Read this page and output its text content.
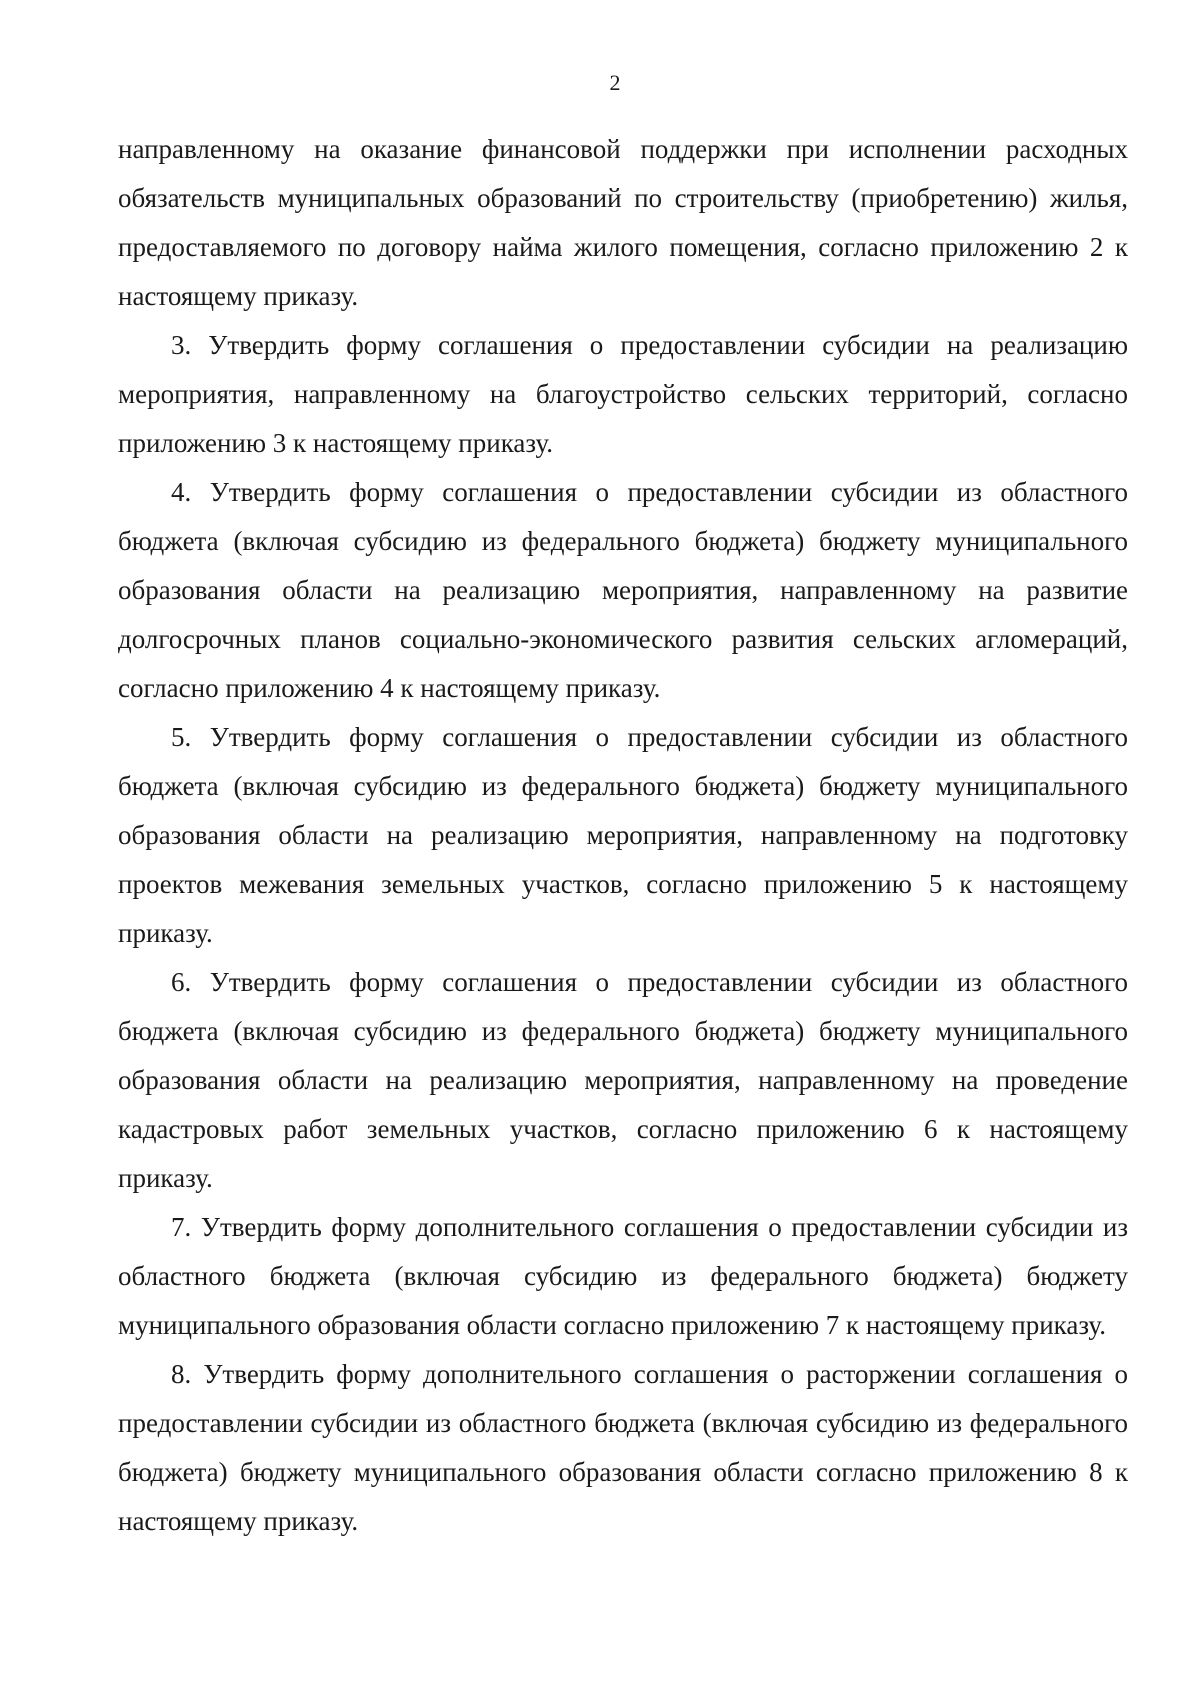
2

направленному на оказание финансовой поддержки при исполнении расходных обязательств муниципальных образований по строительству (приобретению) жилья, предоставляемого по договору найма жилого помещения, согласно приложению 2 к настоящему приказу.

3. Утвердить форму соглашения о предоставлении субсидии на реализацию мероприятия, направленному на благоустройство сельских территорий, согласно приложению 3 к настоящему приказу.

4. Утвердить форму соглашения о предоставлении субсидии из областного бюджета (включая субсидию из федерального бюджета) бюджету муниципального образования области на реализацию мероприятия, направленному на развитие долгосрочных планов социально-экономического развития сельских агломераций, согласно приложению 4 к настоящему приказу.

5. Утвердить форму соглашения о предоставлении субсидии из областного бюджета (включая субсидию из федерального бюджета) бюджету муниципального образования области на реализацию мероприятия, направленному на подготовку проектов межевания земельных участков, согласно приложению 5 к настоящему приказу.

6. Утвердить форму соглашения о предоставлении субсидии из областного бюджета (включая субсидию из федерального бюджета) бюджету муниципального образования области на реализацию мероприятия, направленному на проведение кадастровых работ земельных участков, согласно приложению 6 к настоящему приказу.

7. Утвердить форму дополнительного соглашения о предоставлении субсидии из областного бюджета (включая субсидию из федерального бюджета) бюджету муниципального образования области согласно приложению 7 к настоящему приказу.

8. Утвердить форму дополнительного соглашения о расторжении соглашения о предоставлении субсидии из областного бюджета (включая субсидию из федерального бюджета) бюджету муниципального образования области согласно приложению 8 к настоящему приказу.
